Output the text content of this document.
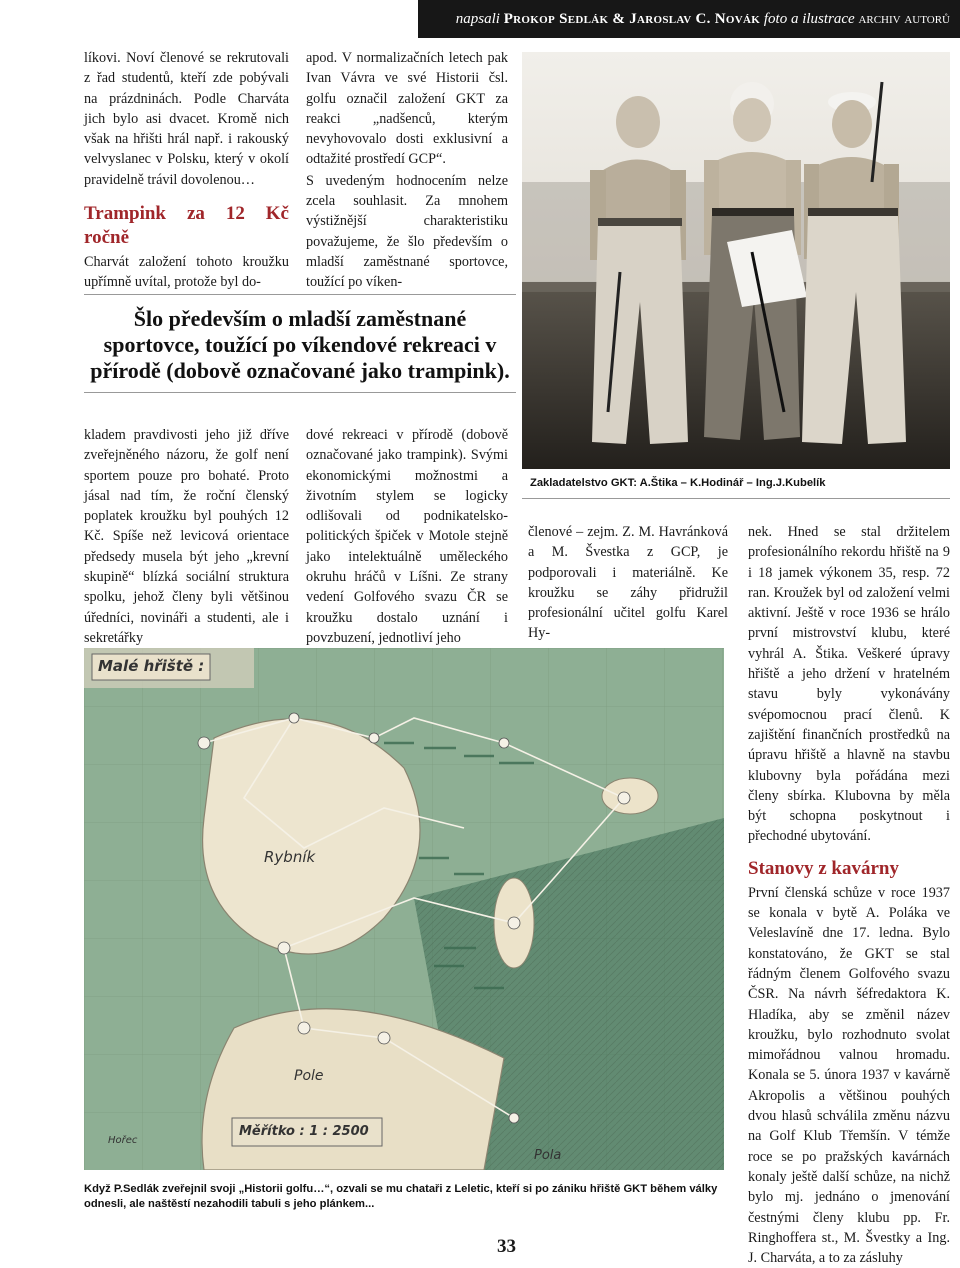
napsali Prokop Sedlák & Jaroslav C. Novák foto a ilustrace archiv autorů

líkovi. Noví členové se rekrutovali z řad studentů, kteří zde pobývali na prázdninách. Podle Charváta jich bylo asi dvacet. Kromě nich však na hřišti hrál např. i rakouský velvyslanec v Polsku, který v okolí pravidelně trávil dovolenou…

Trampink za 12 Kč ročně

Charvát založení tohoto kroužku upřímně uvítal, protože byl do-

apod. V normalizačních letech pak Ivan Vávra ve své Historii čsl. golfu označil založení GKT za reakci „nadšenců, kterým nevyhovovalo dosti exklusivní a odtažité prostředí GCP“.

S uvedeným hodnocením nelze zcela souhlasit. Za mnohem výstižnější charakteristiku považujeme, že šlo především o mladší zaměstnané sportovce, toužící po víken-

Šlo především o mladší zaměstnané sportovce, toužící po víkendové rekreaci v přírodě (dobově označované jako trampink).
Zakladatelstvo GKT: A.Štika – K.Hodinář – Ing.J.Kubelík

kladem pravdivosti jeho již dříve zveřejněného názoru, že golf není sportem pouze pro bohaté. Proto jásal nad tím, že roční členský poplatek kroužku byl pouhých 12 Kč. Spíše než levicová orientace předsedy musela být jeho „krevní skupině“ blízká sociální struktura spolku, jehož členy byli většinou úředníci, novináři a studenti, ale i sekretářky

dové rekreaci v přírodě (dobově označované jako trampink). Svými ekonomickými možnostmi a životním stylem se logicky odlišovali od podnikatelsko-politických špiček v Motole stejně jako intelektuálně uměleckého okruhu hráčů v Líšni. Ze strany vedení Golfového svazu ČR se kroužku dostalo uznání i povzbuzení, jednotliví jeho

členové – zejm. Z. M. Havránková a M. Švestka z GCP, je podporovali i materiálně. Ke kroužku se záhy přidružil profesionální učitel golfu Karel Hy-

nek. Hned se stal držitelem profesionálního rekordu hřiště na 9 i 18 jamek výkonem 35, resp. 72 ran. Kroužek byl od založení velmi aktivní. Ještě v roce 1936 se hrálo první mistrovství klubu, které vyhrál A. Štika. Veškeré úpravy hřiště a jeho držení v hratelném stavu byly vykonávány svépomocnou prací členů. K zajištění finančních prostředků na úpravu hřiště a hlavně na stavbu klubovny byla pořádána mezi členy sbírka. Klubovna by měla být schopna poskytnout i přechodné ubytování.

Stanovy z kavárny

První členská schůze v roce 1937 se konala v bytě A. Poláka ve Veleslavíně dne 17. ledna. Bylo konstatováno, že GKT se stal řádným členem Golfového svazu ČSR. Na návrh šéfredaktora K. Hladíka, aby se změnil název kroužku, bylo rozhodnuto svolat mimořádnou valnou hromadu. Konala se 5. února 1937 v kavárně Akropolis a většinou pouhých dvou hlasů schválila změnu názvu na Golf Klub Třemšín. V témže roce se po pražských kavárnách konaly ještě další schůze, na nichž bylo mj. jednáno o jmenování čestnými členy klubu pp. Fr. Ringhoffera st., M. Švestky a Ing. J. Charváta, a to za zásluhy

Malé hřiště :
Rybník
Pole
Pola
Měřítko : 1 : 2500
Hořec
Když P.Sedlák zveřejnil svoji „Historii golfu…“, ozvali se mu chataři z Leletic, kteří si po zániku hřiště GKT během války odnesli, ale naštěstí nezahodili tabuli s jeho plánkem...
33
